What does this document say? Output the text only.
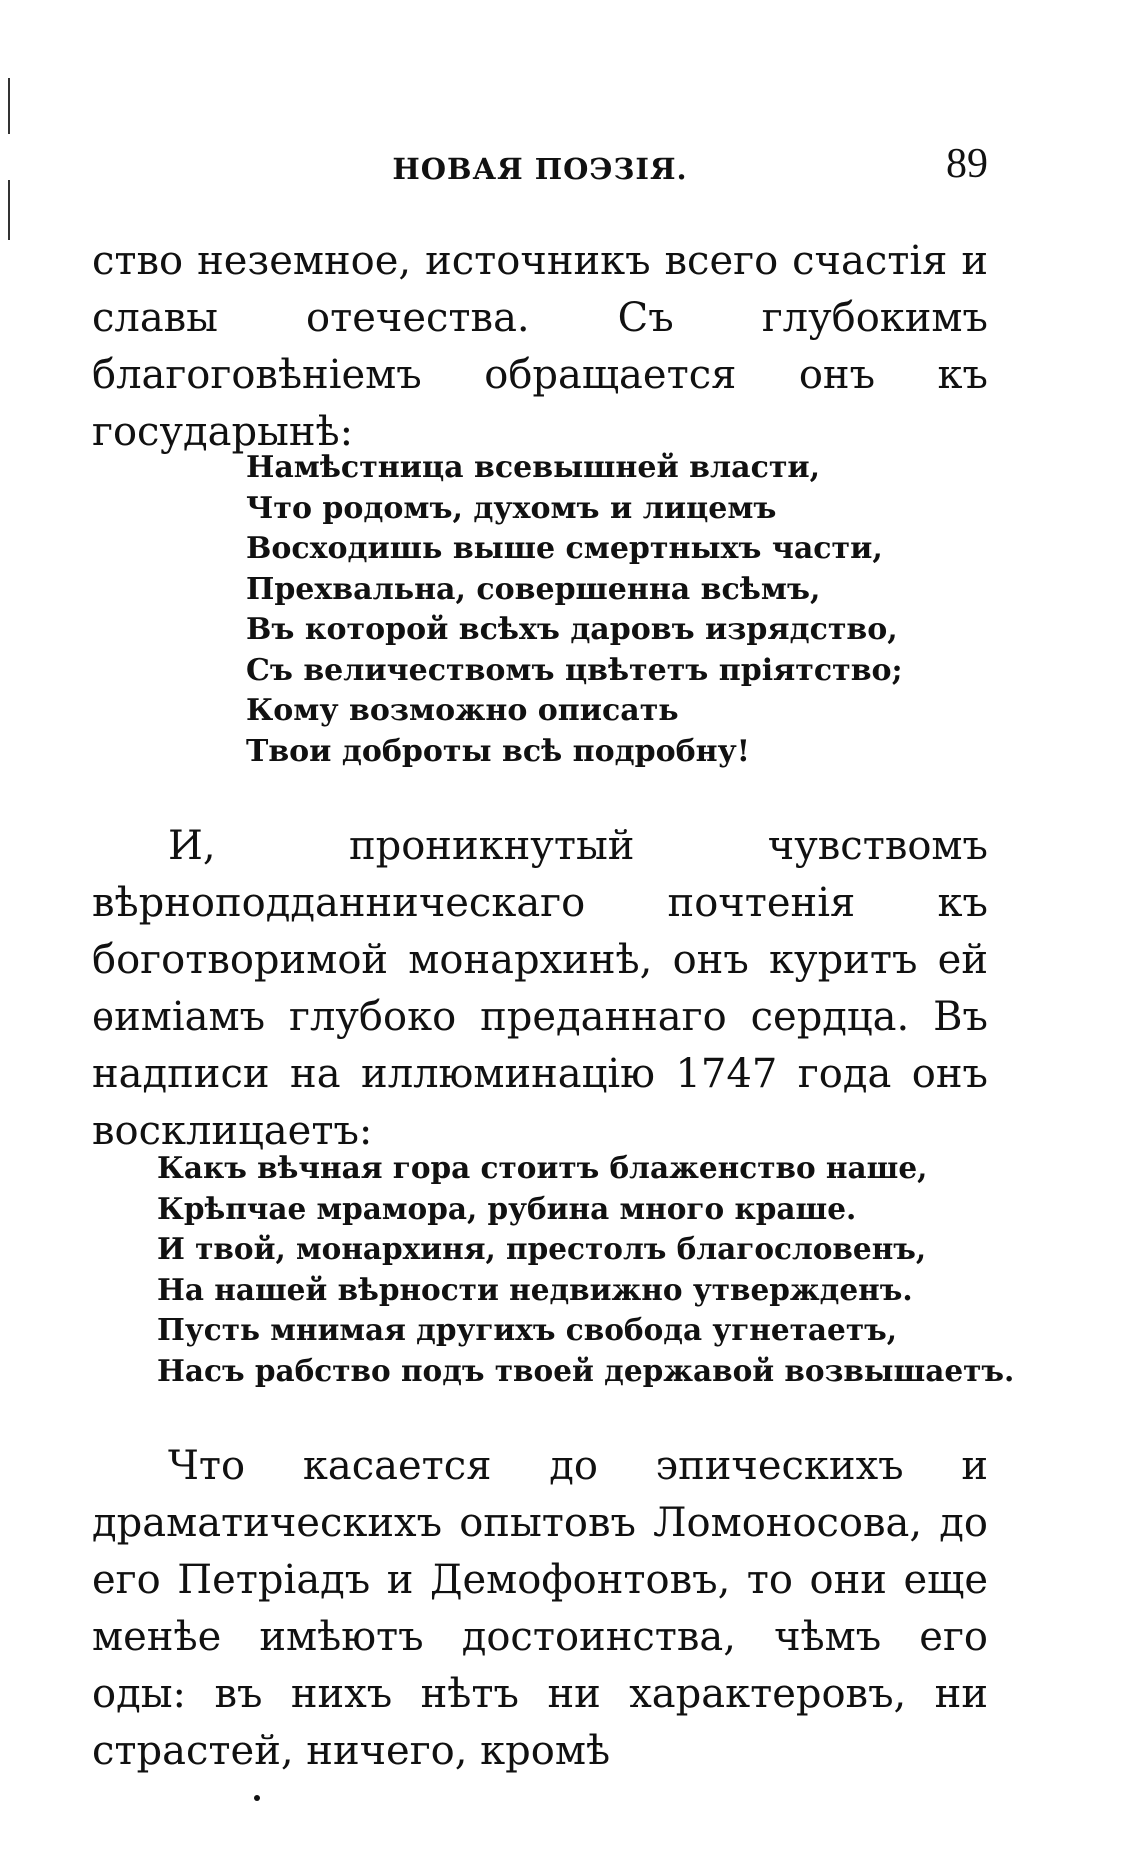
НОВАЯ ПОЭЗІЯ.	89

ство неземное, источникъ всего счастія и славы отечества. Съ глубокимъ благоговѣніемъ обращается онъ къ государынѣ:

Намѣстница всевышней власти,
Что родомъ, духомъ и лицемъ
Восходишь выше смертныхъ части,
Прехвальна, совершенна всѣмъ,
Въ которой всѣхъ даровъ изрядство,
Съ величествомъ цвѣтетъ пріятство;
Кому возможно описать
Твои доброты всѣ подробну!

И, проникнутый чувствомъ вѣрноподданническаго почтенія къ боготворимой монархинѣ, онъ куритъ ей ѳиміамъ глубоко преданнаго сердца. Въ надписи на иллюминацію 1747 года онъ восклицаетъ:

Какъ вѣчная гора стоитъ блаженство наше,
Крѣпчае мрамора, рубина много краше.
И твой, монархиня, престолъ благословенъ,
На нашей вѣрности недвижно утвержденъ.
Пусть мнимая другихъ свобода угнетаетъ,
Насъ рабство подъ твоей державой возвышаетъ.

Что касается до эпическихъ и драматическихъ опытовъ Ломоносова, до его Петріадъ и Демофонтовъ, то они еще менѣе имѣютъ достоинства, чѣмъ его оды: въ нихъ нѣтъ ни характеровъ, ни страстей, ничего, кромѣ
